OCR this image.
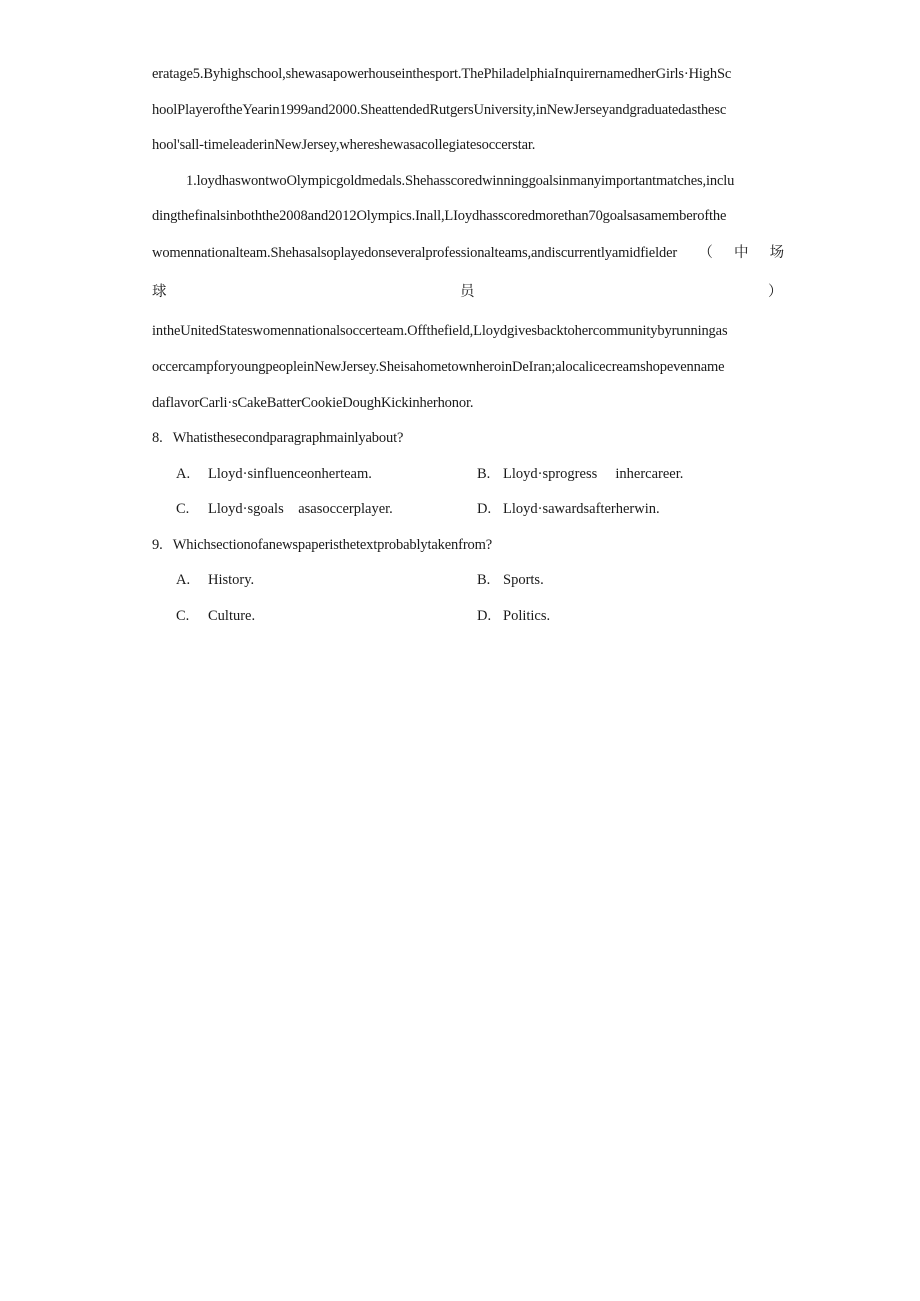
eratage5.Byhighschool,shewasapowerhouseinthesport.ThePhiladelphiaInquirernamedherGirls·HighSc
hoolPlayeroftheYearin1999and2000.SheattendedRutgersUniversity,inNewJerseyandgraduatedasthesc
hool'sall-timeleaderinNewJersey,whereshewasacollegiatesoccerstar.
1.loydhaswontwoOlympicgoldmedals.Shehasscoredwinninggoalsinmanyimportantmatches,inclu
dingthefinalsinboththe2008and2012Olympics.Inall,LIoydhasscoredmorethan70goalsasamemberofthe
womennationalteam.Shehasalsoplayedonseveralprofessionalteams,andiscurrentlyamidfielder（中场
球	员	）
intheUnitedStateswomennationalsoccerteam.Offthefield,Lloydgivesbacktohercommunitybyrunningas
occercampforyoungpeopleinNewJersey.SheisahometownheroinDeIran;alocalicecreamshopevenname
daflavorCarli·sCakeBatterCookieDoughKickinherhonor.
8.   Whatisthesecondparagraphmainlyabout?
A. Lloyd·sinfluenceonherteam.	B. Lloyd·sprogress     inhercareer.
C. Lloyd·sgoals    asasoccerplayer.	D. Lloyd·sawardsafterherwin.
9.   Whichsectionofanewspaperisthetextprobablytakenfrom?
A. History.	B. Sports.
C. Culture.	D. Politics.
